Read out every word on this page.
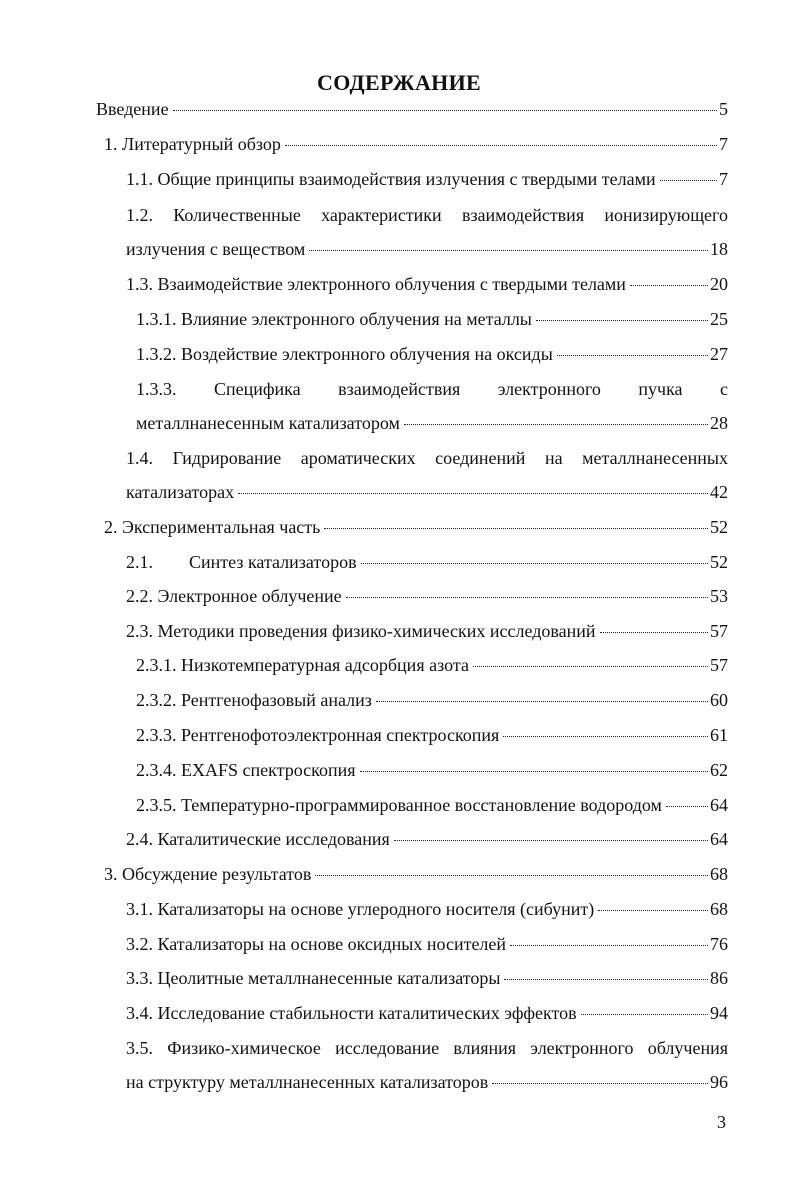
СОДЕРЖАНИЕ
Введение	5
1. Литературный обзор	7
1.1. Общие принципы взаимодействия излучения с твердыми телами	7
1.2. Количественные характеристики взаимодействия ионизирующего
излучения с веществом	18
1.3. Взаимодействие электронного облучения с твердыми телами	20
1.3.1. Влияние электронного облучения на металлы	25
1.3.2. Воздействие электронного облучения на оксиды	27
1.3.3. Специфика взаимодействия электронного пучка с
металлнанесенным катализатором	28
1.4. Гидрирование ароматических соединений на металлнанесенных
катализаторах	42
2. Экспериментальная часть	52
2.1.        Синтез катализаторов	52
2.2. Электронное облучение	53
2.3. Методики проведения физико-химических исследований	57
2.3.1. Низкотемпературная адсорбция азота	57
2.3.2. Рентгенофазовый анализ	60
2.3.3. Рентгенофотоэлектронная спектроскопия	61
2.3.4. EXAFS спектроскопия	62
2.3.5. Температурно-программированное восстановление водородом	64
2.4. Каталитические исследования	64
3. Обсуждение результатов	68
3.1. Катализаторы на основе углеродного носителя (сибунит)	68
3.2. Катализаторы на основе оксидных носителей	76
3.3. Цеолитные металлнанесенные катализаторы	86
3.4. Исследование стабильности каталитических эффектов	94
3.5. Физико-химическое исследование влияния электронного облучения
на структуру металлнанесенных катализаторов	96
3
